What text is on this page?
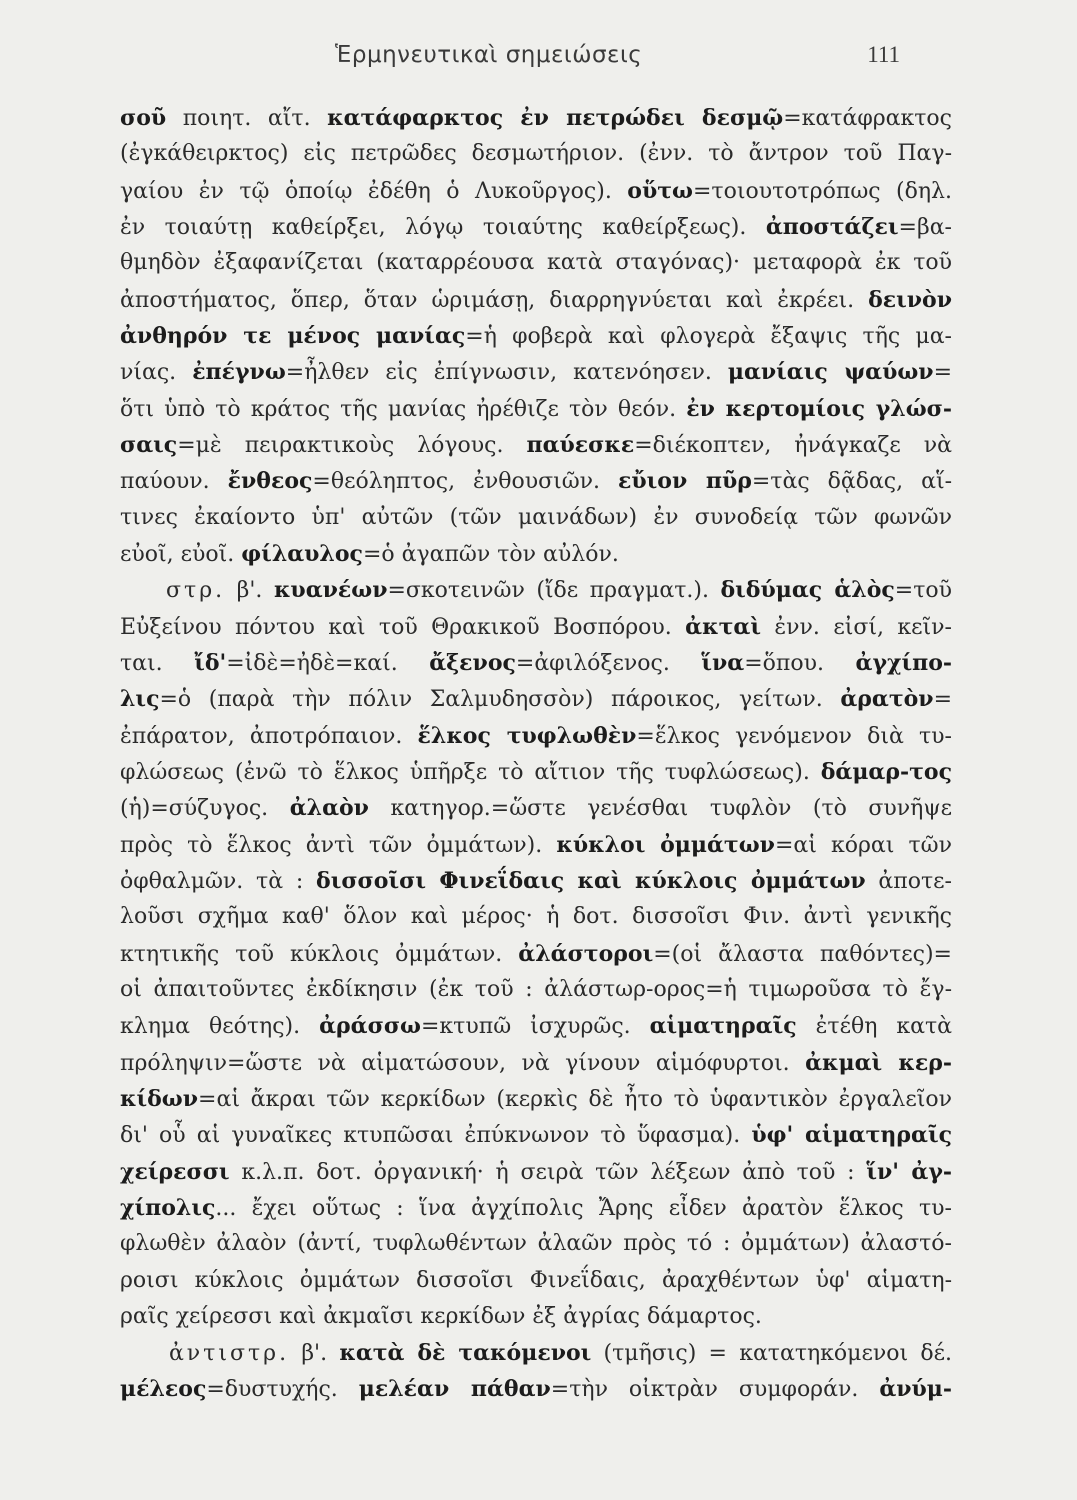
Ἑρμηνευτικαὶ σημειώσεις	111
σοῦ ποιητ. αἴτ. κατάφαρκτος ἐν πετρώδει δεσμῷ=κατάφρακτος
(ἐγκάθειρκτος) εἰς πετρῶδες δεσμωτήριον. (ἐνν. τὸ ἄντρον τοῦ Παγ-
γαίου ἐν τῷ ὁποίῳ ἐδέθη ὁ Λυκοῦργος). οὕτω=τοιουτοτρόπως (δηλ.
ἐν τοιαύτῃ καθείρξει, λόγῳ τοιαύτης καθείρξεως). ἀποστάζει=βα-
θμηδὸν ἐξαφανίζεται (καταρρέουσα κατὰ σταγόνας)· μεταφορὰ ἐκ τοῦ
ἀποστήματος, ὅπερ, ὅταν ὡριμάσῃ, διαρρηγνύεται καὶ ἐκρέει. δεινὸν
ἀνθηρόν τε μένος μανίας=ἡ φοβερὰ καὶ φλογερὰ ἔξαψις τῆς μα-
νίας. ἐπέγνω=ἦλθεν εἰς ἐπίγνωσιν, κατενόησεν. μανίαις ψαύων=
ὅτι ὑπὸ τὸ κράτος τῆς μανίας ἠρέθιζε τὸν θεόν. ἐν κερτομίοις γλώσ-
σαις=μὲ πειρακτικοὺς λόγους. παύεσκε=διέκοπτεν, ἠνάγκαζε νὰ
παύουν. ἔνθεος=θεόληπτος, ἐνθουσιῶν. εὔιον πῦρ=τὰς δᾷδας, αἵ-
τινες ἐκαίοντο ὑπ' αὐτῶν (τῶν μαινάδων) ἐν συνοδείᾳ τῶν φωνῶν
εὐοῖ, εὐοῖ. φίλαυλος=ὁ ἀγαπῶν τὸν αὐλόν.
στρ. β'. κυανέων=σκοτεινῶν (ἴδε πραγματ.). διδύμας ἁλὸς=τοῦ
Εὐξείνου πόντου καὶ τοῦ Θρακικοῦ Βοσπόρου. ἀκταὶ ἐνν. εἰσί, κεῖν-
ται. ἴδ'=ἰδὲ=ἠδὲ=καί. ἄξενος=ἀφιλόξενος. ἵνα=ὅπου. ἀγχίπο-
λις=ὁ (παρὰ τὴν πόλιν Σαλμυδησσὸν) πάροικος, γείτων. ἀρατὸν=
ἐπάρατον, ἀποτρόπαιον. ἕλκος τυφλωθὲν=ἕλκος γενόμενον διὰ τυ-
φλώσεως (ἐνῶ τὸ ἕλκος ὑπῆρξε τὸ αἴτιον τῆς τυφλώσεως). δάμαρ-τος
(ἡ)=σύζυγος. ἀλαὸν κατηγορ.=ὥστε γενέσθαι τυφλὸν (τὸ συνῆψε
πρὸς τὸ ἕλκος ἀντὶ τῶν ὀμμάτων). κύκλοι ὀμμάτων=αἱ κόραι τῶν
ὀφθαλμῶν. τὰ : δισσοῖσι Φινεΐδαις καὶ κύκλοις ὀμμάτων ἀποτε-
λοῦσι σχῆμα καθ' ὅλον καὶ μέρος· ἡ δοτ. δισσοῖσι Φιν. ἀντὶ γενικῆς
κτητικῆς τοῦ κύκλοις ὀμμάτων. ἀλάστοροι=(οἱ ἄλαστα παθόντες)=
οἱ ἀπαιτοῦντες ἐκδίκησιν (ἐκ τοῦ : ἀλάστωρ-ορος=ἡ τιμωροῦσα τὸ ἔγ-
κλημα θεότης). ἀράσσω=κτυπῶ ἰσχυρῶς. αἱματηραῖς ἐτέθη κατὰ
πρόληψιν=ὥστε νὰ αἱματώσουν, νὰ γίνουν αἱμόφυρτοι. ἀκμαὶ κερ-
κίδων=αἱ ἄκραι τῶν κερκίδων (κερκὶς δὲ ἦτο τὸ ὑφαντικὸν ἐργαλεῖον
δι' οὗ αἱ γυναῖκες κτυπῶσαι ἐπύκνωνον τὸ ὕφασμα). ὑφ' αἱματηραῖς
χείρεσσι κ.λ.π. δοτ. ὀργανική· ἡ σειρὰ τῶν λέξεων ἀπὸ τοῦ : ἵν' ἀγ-
χίπολις... ἔχει οὕτως : ἵνα ἀγχίπολις Ἄρης εἶδεν ἀρατὸν ἕλκος τυ-
φλωθὲν ἀλαὸν (ἀντί, τυφλωθέντων ἀλαῶν πρὸς τό : ὀμμάτων) ἀλαστό-
ροισι κύκλοις ὀμμάτων δισσοῖσι Φινεΐδαις, ἀραχθέντων ὑφ' αἱματη-
ραῖς χείρεσσι καὶ ἀκμαῖσι κερκίδων ἐξ ἀγρίας δάμαρτος.
ἀντιστρ. β'. κατὰ δὲ τακόμενοι (τμῆσις) = κατατηκόμενοι δέ.
μέλεος=δυστυχής. μελέαν πάθαν=τὴν οἰκτρὰν συμφοράν. ἀνύμ-
